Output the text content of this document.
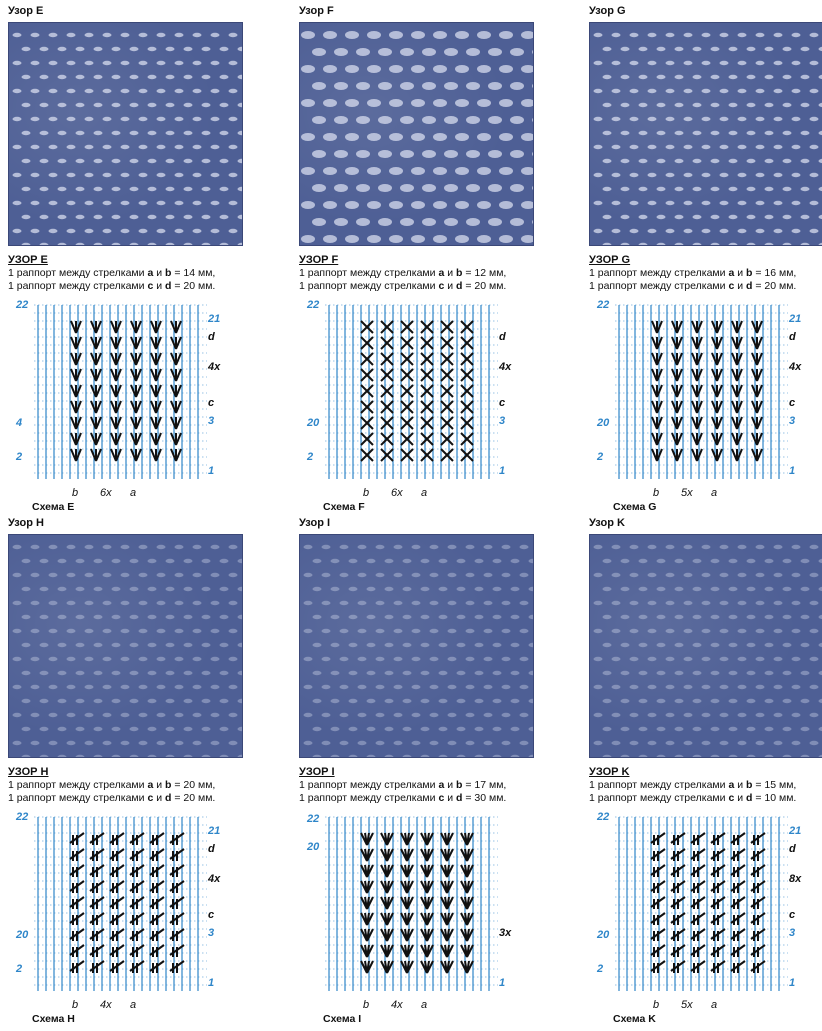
Узор E
УЗОР E
1 раппорт между стрелками a и b = 14 мм,
1 раппорт между стрелками c и d = 20 мм.
22
4
2
21
d
4x
c
3
1
b 6x a
Схема E
Узор F
УЗОР F
1 раппорт между стрелками a и b = 12 мм,
1 раппорт между стрелками c и d = 20 мм.
22
20
2
d
4x
c
3
1
b 6x a
Схема F
Узор G
УЗОР G
1 раппорт между стрелками a и b = 16 мм,
1 раппорт между стрелками c и d = 20 мм.
22
20
2
21
d
4x
c
3
1
b 5x a
Схема G
Узор H
УЗОР H
1 раппорт между стрелками a и b = 20 мм,
1 раппорт между стрелками c и d = 20 мм.
22
20
2
21
d
4x
c
3
1
b 4x a
Схема H
Узор I
УЗОР I
1 раппорт между стрелками a и b = 17 мм,
1 раппорт между стрелками c и d = 30 мм.
22
20
3x
1
b 4x a
Схема I
Узор K
УЗОР K
1 раппорт между стрелками a и b = 15 мм,
1 раппорт между стрелками c и d = 10 мм.
22
20
2
21
d
8x
c
3
1
b 5x a
Схема K
